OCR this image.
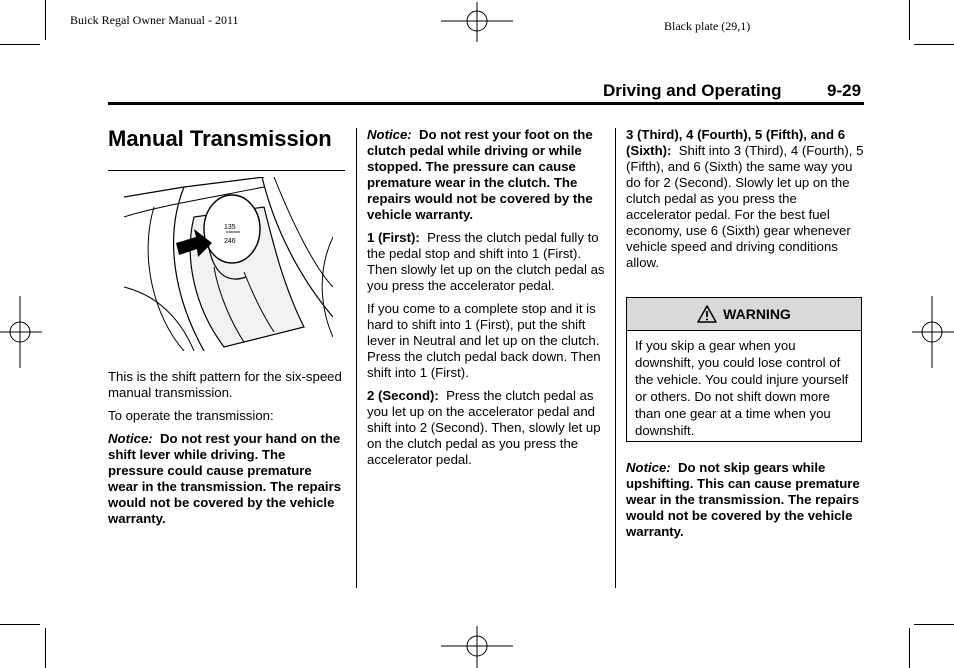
Buick Regal Owner Manual - 2011	Black plate (29,1)
Driving and Operating	9-29
Manual Transmission
135
246

This is the shift pattern for the six-speed manual transmission.

To operate the transmission:

Notice: Do not rest your hand on the shift lever while driving. The pressure could cause premature wear in the transmission. The repairs would not be covered by the vehicle warranty.

Notice: Do not rest your foot on the clutch pedal while driving or while stopped. The pressure can cause premature wear in the clutch. The repairs would not be covered by the vehicle warranty.

1 (First): Press the clutch pedal fully to the pedal stop and shift into 1 (First). Then slowly let up on the clutch pedal as you press the accelerator pedal.

If you come to a complete stop and it is hard to shift into 1 (First), put the shift lever in Neutral and let up on the clutch. Press the clutch pedal back down. Then shift into 1 (First).

2 (Second): Press the clutch pedal as you let up on the accelerator pedal and shift into 2 (Second). Then, slowly let up on the clutch pedal as you press the accelerator pedal.

3 (Third), 4 (Fourth), 5 (Fifth), and 6 (Sixth): Shift into 3 (Third), 4 (Fourth), 5 (Fifth), and 6 (Sixth) the same way you do for 2 (Second). Slowly let up on the clutch pedal as you press the accelerator pedal. For the best fuel economy, use 6 (Sixth) gear whenever vehicle speed and driving conditions allow.

WARNING
If you skip a gear when you downshift, you could lose control of the vehicle. You could injure yourself or others. Do not shift down more than one gear at a time when you downshift.

Notice: Do not skip gears while upshifting. This can cause premature wear in the transmission. The repairs would not be covered by the vehicle warranty.
